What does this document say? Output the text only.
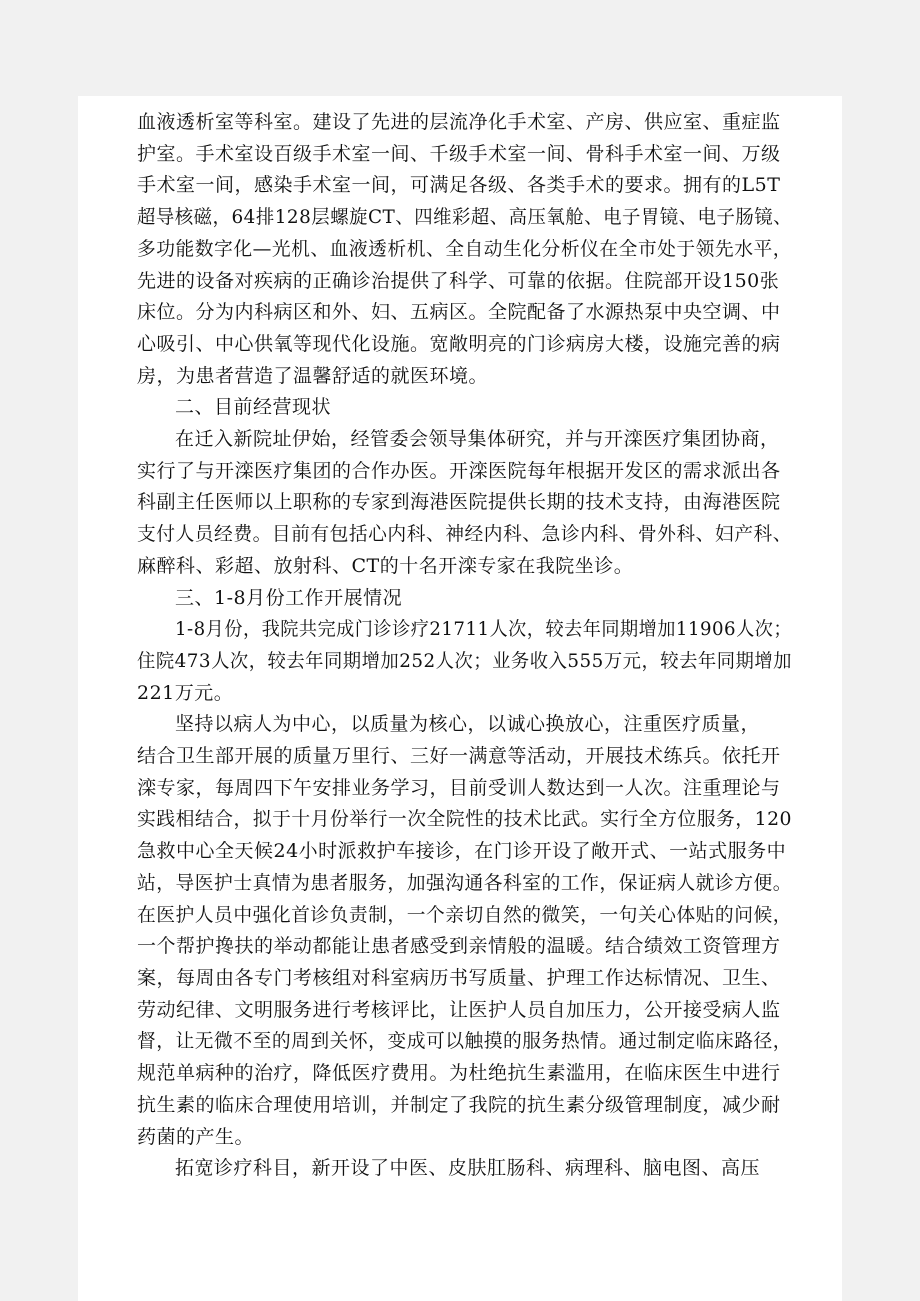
血液透析室等科室。建设了先进的层流净化手术室、产房、供应室、重症监
护室。手术室设百级手术室一间、千级手术室一间、骨科手术室一间、万级
手术室一间，感染手术室一间，可满足各级、各类手术的要求。拥有的L5T
超导核磁，64排128层螺旋CT、四维彩超、高压氧舱、电子胃镜、电子肠镜、
多功能数字化—光机、血液透析机、全自动生化分析仪在全市处于领先水平，
先进的设备对疾病的正确诊治提供了科学、可靠的依据。住院部开设150张
床位。分为内科病区和外、妇、五病区。全院配备了水源热泵中央空调、中
心吸引、中心供氧等现代化设施。宽敞明亮的门诊病房大楼，设施完善的病
房，为患者营造了温馨舒适的就医环境。

二、目前经营现状

在迁入新院址伊始，经管委会领导集体研究，并与开滦医疗集团协商，
实行了与开滦医疗集团的合作办医。开滦医院每年根据开发区的需求派出各
科副主任医师以上职称的专家到海港医院提供长期的技术支持，由海港医院
支付人员经费。目前有包括心内科、神经内科、急诊内科、骨外科、妇产科、
麻醉科、彩超、放射科、CT的十名开滦专家在我院坐诊。

三、1-8月份工作开展情况

1-8月份，我院共完成门诊诊疗21711人次，较去年同期增加11906人次；
住院473人次，较去年同期增加252人次；业务收入555万元，较去年同期增加
221万元。

坚持以病人为中心，以质量为核心，以诚心换放心，注重医疗质量，
结合卫生部开展的质量万里行、三好一满意等活动，开展技术练兵。依托开
滦专家，每周四下午安排业务学习，目前受训人数达到一人次。注重理论与
实践相结合，拟于十月份举行一次全院性的技术比武。实行全方位服务，120
急救中心全天候24小时派救护车接诊，在门诊开设了敞开式、一站式服务中
站，导医护士真情为患者服务，加强沟通各科室的工作，保证病人就诊方便。
在医护人员中强化首诊负责制，一个亲切自然的微笑，一句关心体贴的问候，
一个帮护搀扶的举动都能让患者感受到亲情般的温暖。结合绩效工资管理方
案，每周由各专门考核组对科室病历书写质量、护理工作达标情况、卫生、
劳动纪律、文明服务进行考核评比，让医护人员自加压力，公开接受病人监
督，让无微不至的周到关怀，变成可以触摸的服务热情。通过制定临床路径，
规范单病种的治疗，降低医疗费用。为杜绝抗生素滥用，在临床医生中进行
抗生素的临床合理使用培训，并制定了我院的抗生素分级管理制度，减少耐
药菌的产生。

拓宽诊疗科目，新开设了中医、皮肤肛肠科、病理科、脑电图、高压
